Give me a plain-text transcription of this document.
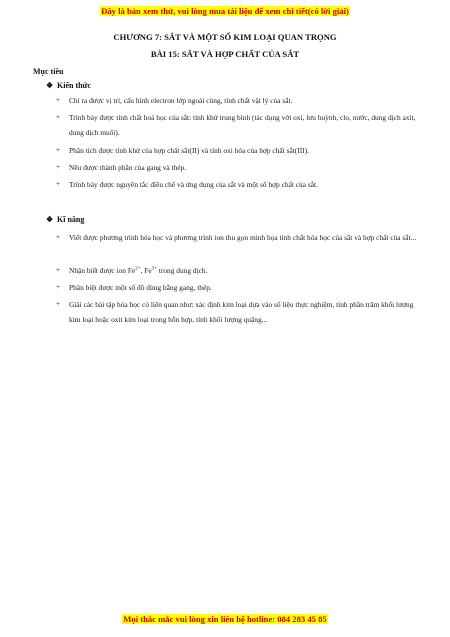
Đây là bản xem thử, vui lòng mua tài liệu để xem chi tiết(có lời giải)
CHƯƠNG 7: SẮT VÀ MỘT SỐ KIM LOẠI QUAN TRỌNG
BÀI 15: SẮT VÀ HỢP CHẤT CỦA SẮT
Mục tiêu
❖ Kiến thức
+	Chỉ ra được vị trí, cấu hình electron lớp ngoài cùng, tính chất vật lý của sắt.
+	Trình bày được tính chất hoá học của sắt: tính khử trung bình (tác dụng với oxi, lưu huỳnh, clo, nước, dung dịch axit, dung dịch muối).
+	Phân tích được tính khử của hợp chất sắt(II) và tính oxi hóa của hợp chất sắt(III).
+	Nêu được thành phần của gang và thép.
+	Trình bày được nguyên tắc điều chế và ứng dụng của sắt và một số hợp chất của sắt.
❖ Kĩ năng
+	Viết được phương trình hóa học và phương trình ion thu gọn minh họa tính chất hóa học của sắt và hợp chất của sắt...
+	Nhận biết được ion $Fe^{2+}$, $Fe^{3+}$ trong dung dịch.
+	Phân biệt được một số đồ dùng bằng gang, thép.
+	Giải các bài tập hóa học có liên quan như: xác định kim loại dựa vào số liệu thực nghiệm, tính phần trăm khối lượng kim loại hoặc oxit kim loại trong hỗn hợp, tính khối lượng quặng...
Mọi thắc mắc vui lòng xin liên hệ hotline: 084 283 45 85
